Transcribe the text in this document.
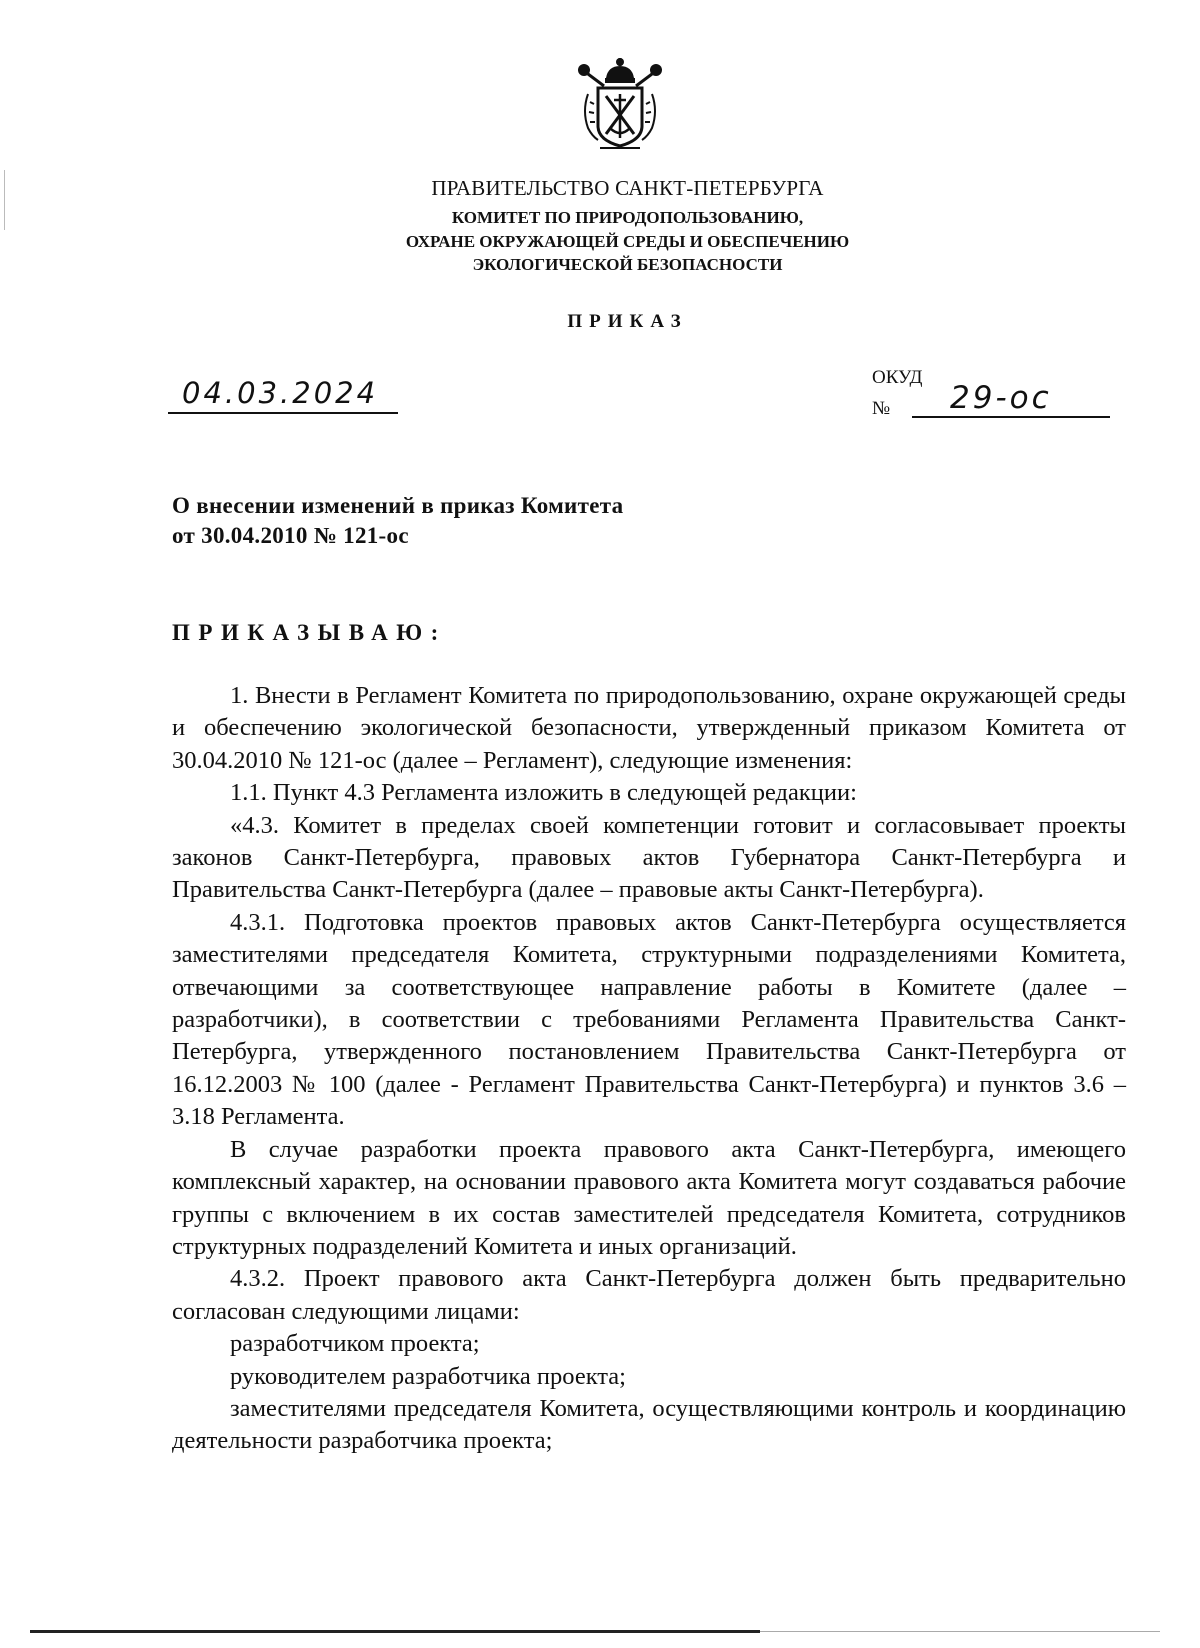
ПРАВИТЕЛЬСТВО САНКТ-ПЕТЕРБУРГА
КОМИТЕТ ПО ПРИРОДОПОЛЬЗОВАНИЮ,
ОХРАНЕ ОКРУЖАЮЩЕЙ СРЕДЫ И ОБЕСПЕЧЕНИЮ
ЭКОЛОГИЧЕСКОЙ БЕЗОПАСНОСТИ
ПРИКАЗ
04.03.2024	ОКУД
№ 29-ос
О внесении изменений в приказ Комитета
от 30.04.2010 № 121-ос
ПРИКАЗЫВАЮ:

1. Внести в Регламент Комитета по природопользованию, охране окружающей среды и обеспечению экологической безопасности, утвержденный приказом Комитета от 30.04.2010 № 121-ос (далее – Регламент), следующие изменения:

1.1. Пункт 4.3 Регламента изложить в следующей редакции:

«4.3. Комитет в пределах своей компетенции готовит и согласовывает проекты законов Санкт-Петербурга, правовых актов Губернатора Санкт-Петербурга и Правительства Санкт-Петербурга (далее – правовые акты Санкт-Петербурга).

4.3.1. Подготовка проектов правовых актов Санкт-Петербурга осуществляется заместителями председателя Комитета, структурными подразделениями Комитета, отвечающими за соответствующее направление работы в Комитете (далее – разработчики), в соответствии с требованиями Регламента Правительства Санкт-Петербурга, утвержденного постановлением Правительства Санкт-Петербурга от 16.12.2003 № 100 (далее - Регламент Правительства Санкт-Петербурга) и пунктов 3.6 – 3.18 Регламента.

В случае разработки проекта правового акта Санкт-Петербурга, имеющего комплексный характер, на основании правового акта Комитета могут создаваться рабочие группы с включением в их состав заместителей председателя Комитета, сотрудников структурных подразделений Комитета и иных организаций.

4.3.2. Проект правового акта Санкт-Петербурга должен быть предварительно согласован следующими лицами:

разработчиком проекта;

руководителем разработчика проекта;

заместителями председателя Комитета, осуществляющими контроль и координацию деятельности разработчика проекта;
